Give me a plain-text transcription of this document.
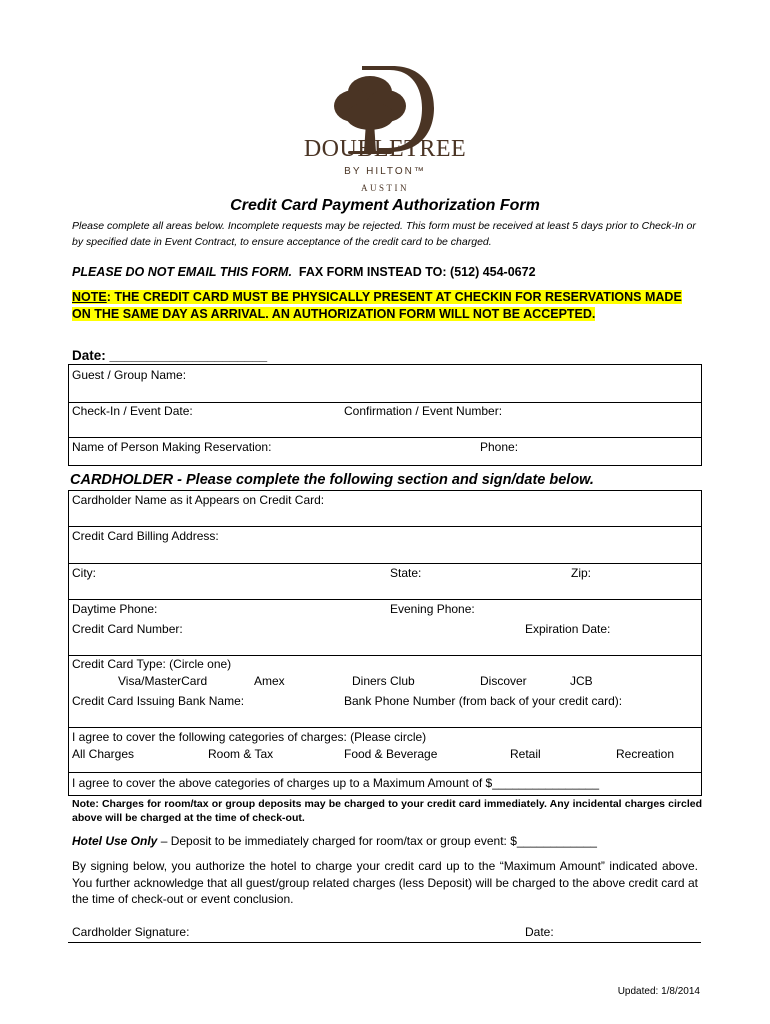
DOUBLETREE
BY HILTON™
AUSTIN
Credit Card Payment Authorization Form

Please complete all areas below. Incomplete requests may be rejected. This form must be received at least 5 days prior to Check-In or by specified date in Event Contract, to ensure acceptance of the credit card to be charged.

PLEASE DO NOT EMAIL THIS FORM. FAX FORM INSTEAD TO: (512) 454-0672

NOTE: THE CREDIT CARD MUST BE PHYSICALLY PRESENT AT CHECKIN FOR RESERVATIONS MADE ON THE SAME DAY AS ARRIVAL. AN AUTHORIZATION FORM WILL NOT BE ACCEPTED.

Date: _____________________
Guest / Group Name:
Check-In / Event Date:	Confirmation / Event Number:
Name of Person Making Reservation:	Phone:
CARDHOLDER - Please complete the following section and sign/date below.
Cardholder Name as it Appears on Credit Card:
Credit Card Billing Address:
City:	State:	Zip:
Daytime Phone:	Evening Phone:
Credit Card Number:	Expiration Date:
Credit Card Type: (Circle one)
Visa/MasterCard	Amex	Diners Club	Discover	JCB
Credit Card Issuing Bank Name:	Bank Phone Number (from back of your credit card):
I agree to cover the following categories of charges: (Please circle)
All Charges	Room & Tax	Food & Beverage	Retail	Recreation
I agree to cover the above categories of charges up to a Maximum Amount of $________________

Note: Charges for room/tax or group deposits may be charged to your credit card immediately. Any incidental charges circled above will be charged at the time of check-out.

Hotel Use Only – Deposit to be immediately charged for room/tax or group event: $____________

By signing below, you authorize the hotel to charge your credit card up to the “Maximum Amount” indicated above. You further acknowledge that all guest/group related charges (less Deposit) will be charged to the above credit card at the time of check-out or event conclusion.

Cardholder Signature:	Date:
Updated: 1/8/2014
